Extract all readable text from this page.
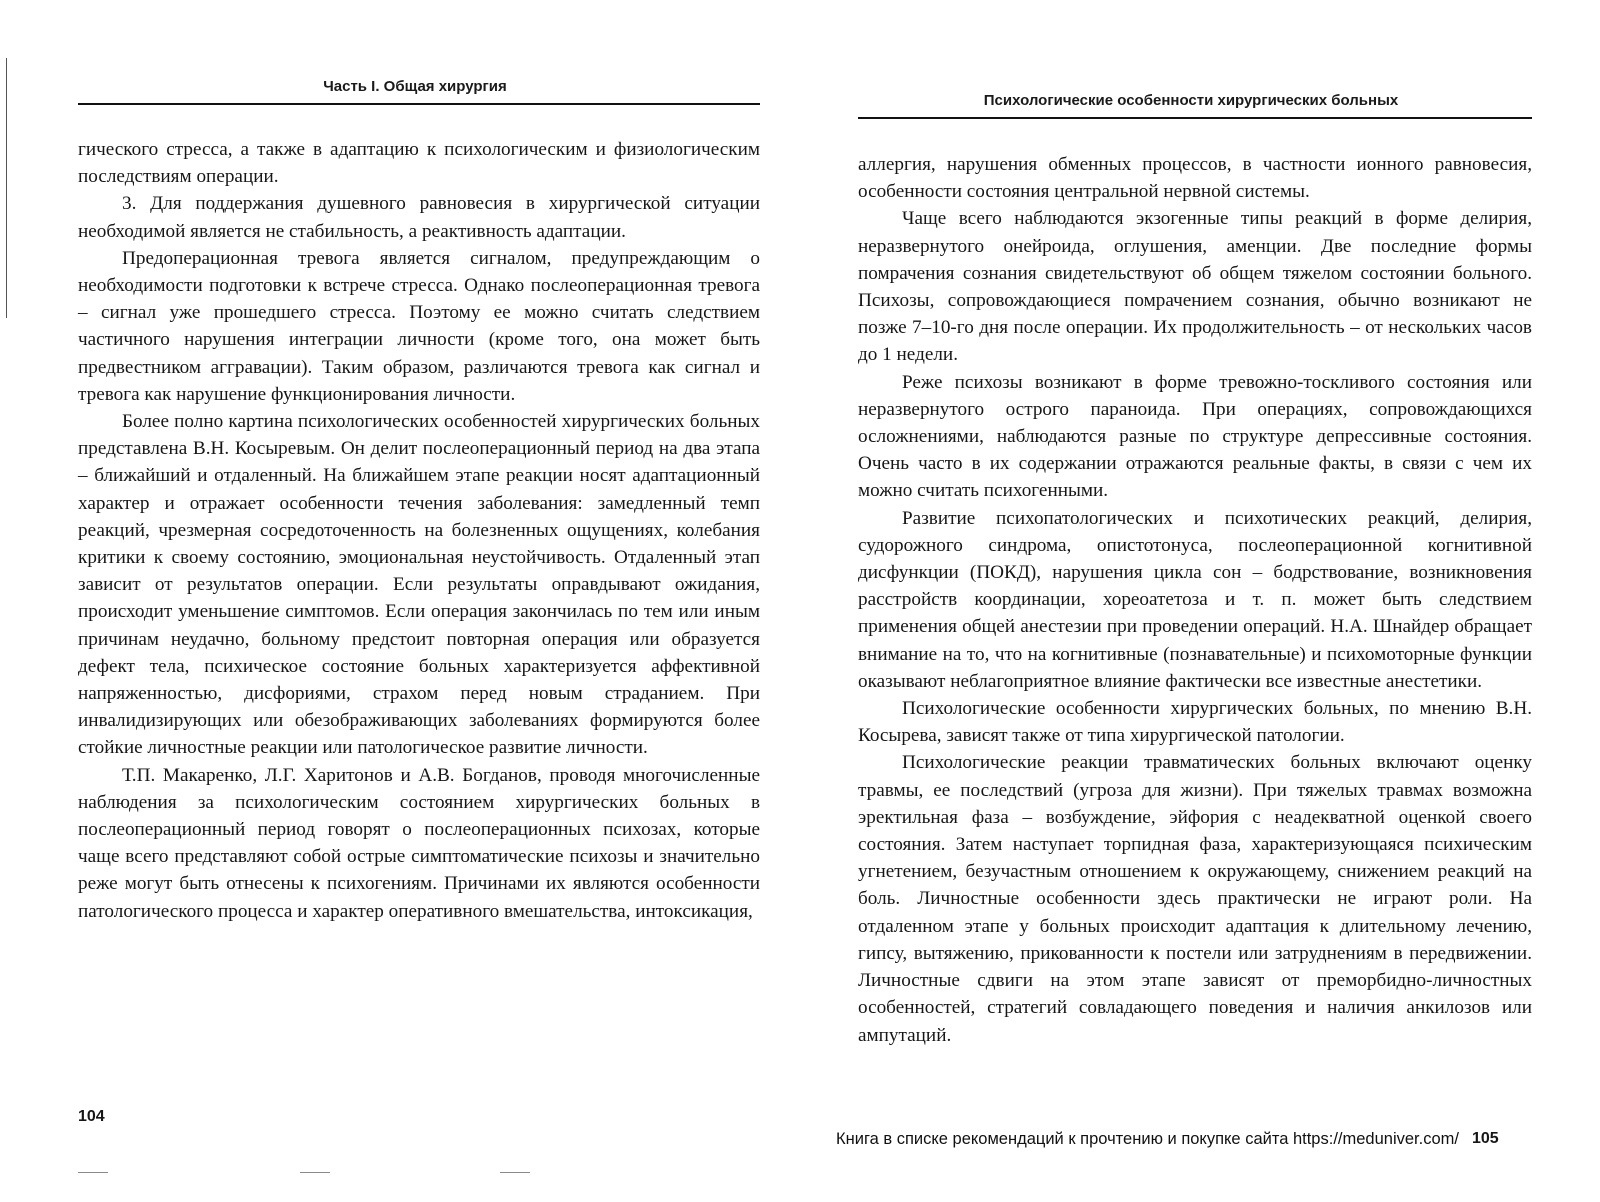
Часть I. Общая хирургия

гического стресса, а также в адаптацию к психологическим и физиологическим последствиям операции.

3. Для поддержания душевного равновесия в хирургической ситуации необходимой является не стабильность, а реактивность адаптации.

Предоперационная тревога является сигналом, предупреждающим о необходимости подготовки к встрече стресса. Однако послеоперационная тревога – сигнал уже прошедшего стресса. Поэтому ее можно считать следствием частичного нарушения интеграции личности (кроме того, она может быть предвестником аггравации). Таким образом, различаются тревога как сигнал и тревога как нарушение функционирования личности.

Более полно картина психологических особенностей хирургических больных представлена В.Н. Косыревым. Он делит послеоперационный период на два этапа – ближайший и отдаленный. На ближайшем этапе реакции носят адаптационный характер и отражает особенности течения заболевания: замедленный темп реакций, чрезмерная сосредоточенность на болезненных ощущениях, колебания критики к своему состоянию, эмоциональная неустойчивость. Отдаленный этап зависит от результатов операции. Если результаты оправдывают ожидания, происходит уменьшение симптомов. Если операция закончилась по тем или иным причинам неудачно, больному предстоит повторная операция или образуется дефект тела, психическое состояние больных характеризуется аффективной напряженностью, дисфориями, страхом перед новым страданием. При инвалидизирующих или обезображивающих заболеваниях формируются более стойкие личностные реакции или патологическое развитие личности.

Т.П. Макаренко, Л.Г. Харитонов и А.В. Богданов, проводя многочисленные наблюдения за психологическим состоянием хирургических больных в послеоперационный период говорят о послеоперационных психозах, которые чаще всего представляют собой острые симптоматические психозы и значительно реже могут быть отнесены к психогениям. Причинами их являются особенности патологического процесса и характер оперативного вмешательства, интоксикация,

104
Психологические особенности хирургических больных

аллергия, нарушения обменных процессов, в частности ионного равновесия, особенности состояния центральной нервной системы.

Чаще всего наблюдаются экзогенные типы реакций в форме делирия, неразвернутого онейроида, оглушения, аменции. Две последние формы помрачения сознания свидетельствуют об общем тяжелом состоянии больного. Психозы, сопровождающиеся помрачением сознания, обычно возникают не позже 7–10-го дня после операции. Их продолжительность – от нескольких часов до 1 недели.

Реже психозы возникают в форме тревожно-тоскливого состояния или неразвернутого острого параноида. При операциях, сопровождающихся осложнениями, наблюдаются разные по структуре депрессивные состояния. Очень часто в их содержании отражаются реальные факты, в связи с чем их можно считать психогенными.

Развитие психопатологических и психотических реакций, делирия, судорожного синдрома, опистотонуса, послеоперационной когнитивной дисфункции (ПОКД), нарушения цикла сон – бодрствование, возникновения расстройств координации, хореоатетоза и т. п. может быть следствием применения общей анестезии при проведении операций. Н.А. Шнайдер обращает внимание на то, что на когнитивные (познавательные) и психомоторные функции оказывают неблагоприятное влияние фактически все известные анестетики.

Психологические особенности хирургических больных, по мнению В.Н. Косырева, зависят также от типа хирургической патологии.

Психологические реакции травматических больных включают оценку травмы, ее последствий (угроза для жизни). При тяжелых травмах возможна эректильная фаза – возбуждение, эйфория с неадекватной оценкой своего состояния. Затем наступает торпидная фаза, характеризующаяся психическим угнетением, безучастным отношением к окружающему, снижением реакций на боль. Личностные особенности здесь практически не играют роли. На отдаленном этапе у больных происходит адаптация к длительному лечению, гипсу, вытяжению, прикованности к постели или затруднениям в передвижении. Личностные сдвиги на этом этапе зависят от преморбидно-личностных особенностей, стратегий совладающего поведения и наличия анкилозов или ампутаций.

Книга в списке рекомендаций к прочтению и покупке сайта https://meduniver.com/ 105
